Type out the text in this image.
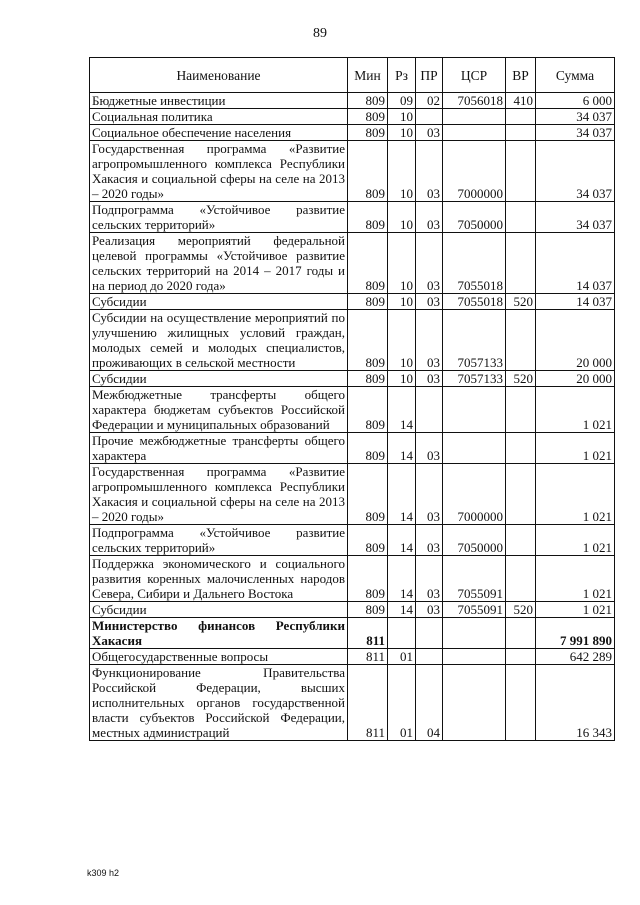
89
Наименование	Мин	Рз	ПР	ЦСР	ВР	Сумма
Бюджетные инвестиции	809	09	02	7056018	410	6 000
Социальная политика	809	10				34 037
Социальное обеспечение населения	809	10	03			34 037
Государственная программа «Развитие агропромышленного комплекса Республики Хакасия и социальной сферы на селе на 2013 – 2020 годы»	809	10	03	7000000		34 037
Подпрограмма «Устойчивое развитие сельских территорий»	809	10	03	7050000		34 037
Реализация мероприятий федеральной целевой программы «Устойчивое развитие сельских территорий на 2014 – 2017 годы и на период до 2020 года»	809	10	03	7055018		14 037
Субсидии	809	10	03	7055018	520	14 037
Субсидии на осуществление мероприятий по улучшению жилищных условий граждан, молодых семей и молодых специалистов, проживающих в сельской местности	809	10	03	7057133		20 000
Субсидии	809	10	03	7057133	520	20 000
Межбюджетные трансферты общего характера бюджетам субъектов Российской Федерации и муниципальных образований	809	14				1 021
Прочие межбюджетные трансферты общего характера	809	14	03			1 021
Государственная программа «Развитие агропромышленного комплекса Республики Хакасия и социальной сферы на селе на 2013 – 2020 годы»	809	14	03	7000000		1 021
Подпрограмма «Устойчивое развитие сельских территорий»	809	14	03	7050000		1 021
Поддержка экономического и социального развития коренных малочисленных народов Севера, Сибири и Дальнего Востока	809	14	03	7055091		1 021
Субсидии	809	14	03	7055091	520	1 021
Министерство финансов Республики Хакасия	811					7 991 890
Общегосударственные вопросы	811	01				642 289
Функционирование Правительства Российской Федерации, высших исполнительных органов государственной власти субъектов Российской Федерации, местных администраций	811	01	04			16 343
k309 h2
